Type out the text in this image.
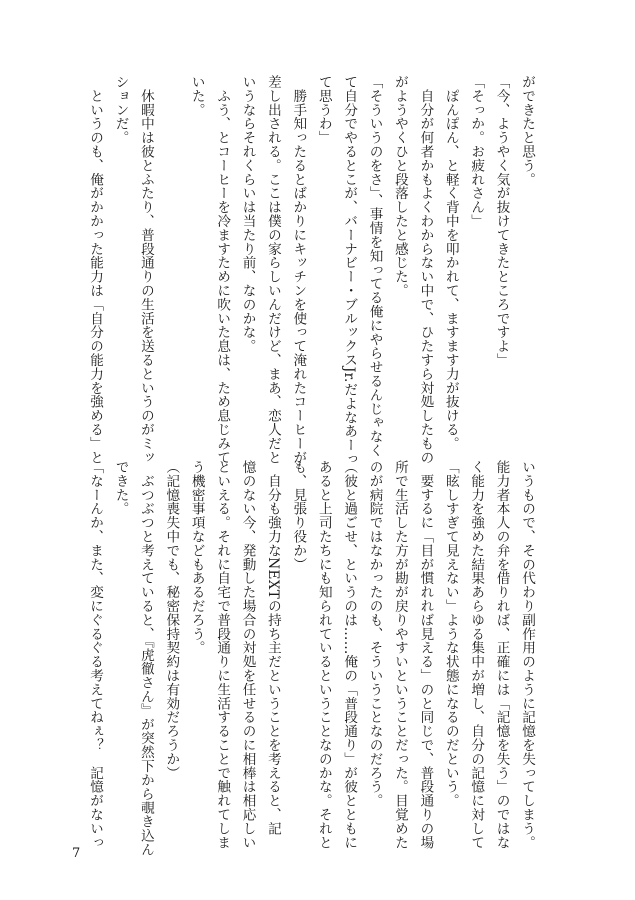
ができたと思う。
「今、ようやく気が抜けてきたところですよ」
「そっか。お疲れさん」
　ぽんぽん、と軽く背中を叩かれて、ますます力が抜ける。
　自分が何者かもよくわからない中で、ひたすら対処したもの
がようやくひと段落したと感じた。
「そういうのをさ」、事情を知ってる俺にやらせるんじゃなく
て自分でやるとこが、バーナビー・ブルックスJr.だよなあーっ
て思うわ」
　勝手知ったるとばかりにキッチンを使って淹れたコーヒーが
差し出される。ここは僕の家らしいんだけど、まあ、恋人だと
いうならそれくらいは当たり前、なのかな。
　ふう、とコーヒーを冷ますために吹いた息は、ため息じみて
いた。

　休暇中は彼とふたり、普段通りの生活を送るというのがミッ
ションだ。
　というのも、俺がかかった能力は「自分の能力を強める」と
いうもので、その代わり副作用のように記憶を失ってしまう。
能力者本人の弁を借りれば、正確には「記憶を失う」のではな
く能力を強めた結果あらゆる集中が増し、自分の記憶に対して
「眩しすぎて見えない」ような状態になるのだという。
　要するに「目が慣れれば見える」のと同じで、普段通りの場
所で生活した方が勘が戻りやすいということだった。目覚めた
のが病院ではなかったのも、そういうことなのだろう。
（彼と過ごせ、というのは……俺の「普段通り」が彼とともに
あると上司たちにも知られているということなのかな。それと
も、見張り役か）
　自分も強力なNEXTの持ち主だということを考えると、記
憶のない今、発動した場合の対処を任せるのに相棒は相応しい
といえる。それに自宅で普段通りに生活することで触れてしま
う機密事項などもあるだろう。
（記憶喪失中でも、秘密保持契約は有効だろうか）
　ぶつぶつと考えていると、『虎徹さん』が突然下から覗き込ん
できた。
「なーんか、また、変にぐるぐる考えてねぇ？　記憶がないっ
7
